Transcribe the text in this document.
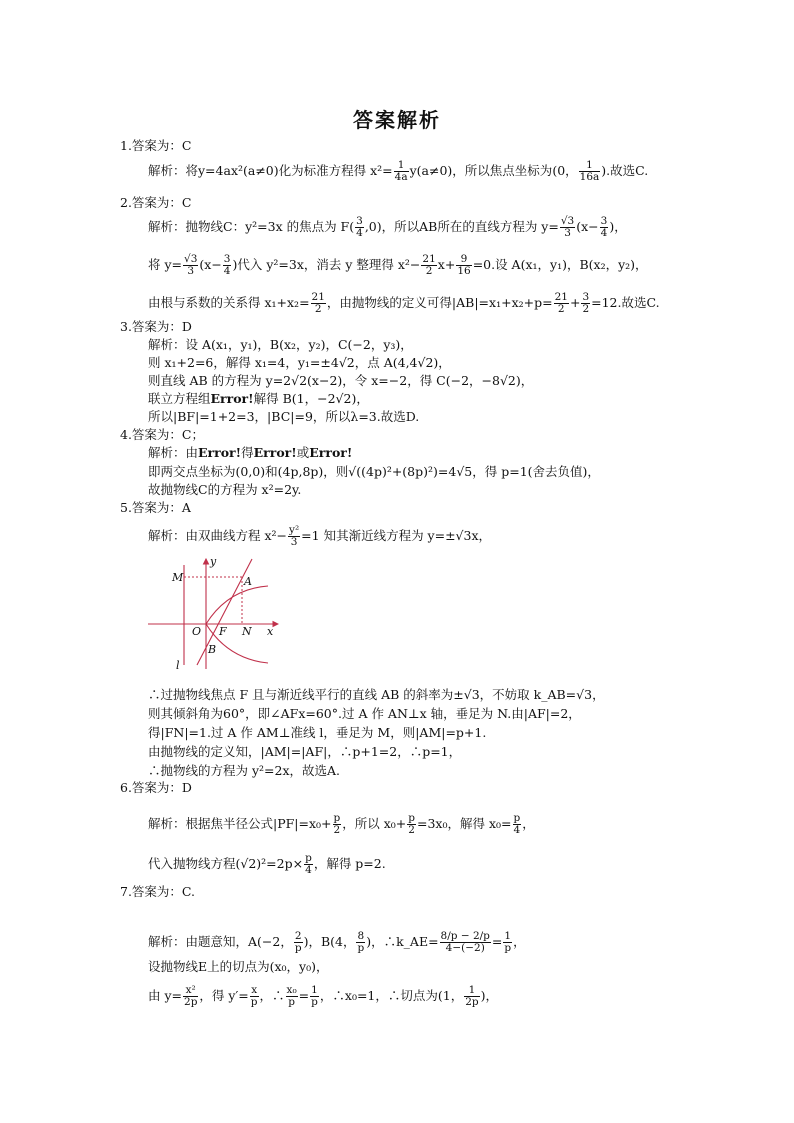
答案解析
1.答案为：C
解析：将y=4ax²(a≠0)化为标准方程得 $x^2= \frac{1}{4a} y(a\ne 0)$，所以焦点坐标为(0， $\frac{1}{16a}$ ).故选C.
2.答案为：C
解析：抛物线C：y²=3x 的焦点为 $F( \frac{3}{4} ,0)$，所以AB所在的直线方程为 $y= \frac{√3}{3} (x- \frac{3}{4}$ )，
将 $y= \frac{√3}{3} (x- \frac{3}{4}$ )代入 y²=3x，消去 y 整理得 $x^2- \frac{21}{2} x+ \frac{9}{16} =0$.设 A(x₁，y₁)，B(x₂，y₂)，
由根与系数的关系得 $x_1+x_2= \frac{21}{2}$ ，由抛物线的定义可得$|AB|=x_1+x_2+p= \frac{21}{2} + \frac{3}{2} =12$.故选C.
3.答案为：D
解析：设 A(x₁，y₁)，B(x₂，y₂)，C(−2，y₃)，
则 x₁+2=6，解得 x₁=4，y₁=±4√2，点 A(4,4√2)，
则直线 AB 的方程为 y=2√2(x−2)，令 x=−2，得 C(−2，−8√2)，
联立方程组Error!解得 B(1，−2√2)，
所以|BF|=1+2=3，|BC|=9，所以λ=3.故选D.
4.答案为：C；
解析：由Error!得Error!或Error!
即两交点坐标为(0,0)和(4p,8p)，则√((4p)²+(8p)²)=4√5，得 p=1(舍去负值)，
故抛物线C的方程为 x²=2y.
5.答案为：A
解析：由双曲线方程 $x^2- \frac{\text{y²}}{3} =1$ 知其渐近线方程为 y=±√3x，
M
y
A
O F N x
B
l
∴过抛物线焦点 F 且与渐近线平行的直线 AB 的斜率为±√3，不妨取 k_AB=√3，
则其倾斜角为60°，即∠AFx=60°.过 A 作 AN⊥x 轴，垂足为 N.由|AF|=2，
得|FN|=1.过 A 作 AM⊥准线 l，垂足为 M，则|AM|=p+1.
由抛物线的定义知，|AM|=|AF|，∴p+1=2，∴p=1，
∴抛物线的方程为 y²=2x，故选A.
6.答案为：D
解析：根据焦半径公式$|PF|=x_0+ \frac{p}{2}$ ，所以 $x_0+ \frac{p}{2} =3x_0$，解得 $x_0= \frac{p}{4}$ ，
代入抛物线方程$(√2)^2=2p\times \frac{p}{4}$ ，解得 p=2.
7.答案为：C.
解析：由题意知，A(−2， $\frac{2}{p}$ )，B(4， $\frac{8}{p}$ )，∴k_AE= $\frac{8/p - 2/p}{4-(-2)} = \frac{1}{p}$ ，
设抛物线E上的切点为(x₀，y₀)，
由 $y= \frac{\text{x²}}{2p}$ ，得 $y'= \frac{x}{p}$ ，∴ $\frac{\text{x₀}}{p} = \frac{1}{p}$ ，∴x₀=1，∴切点为(1， $\frac{1}{2p}$ )，
